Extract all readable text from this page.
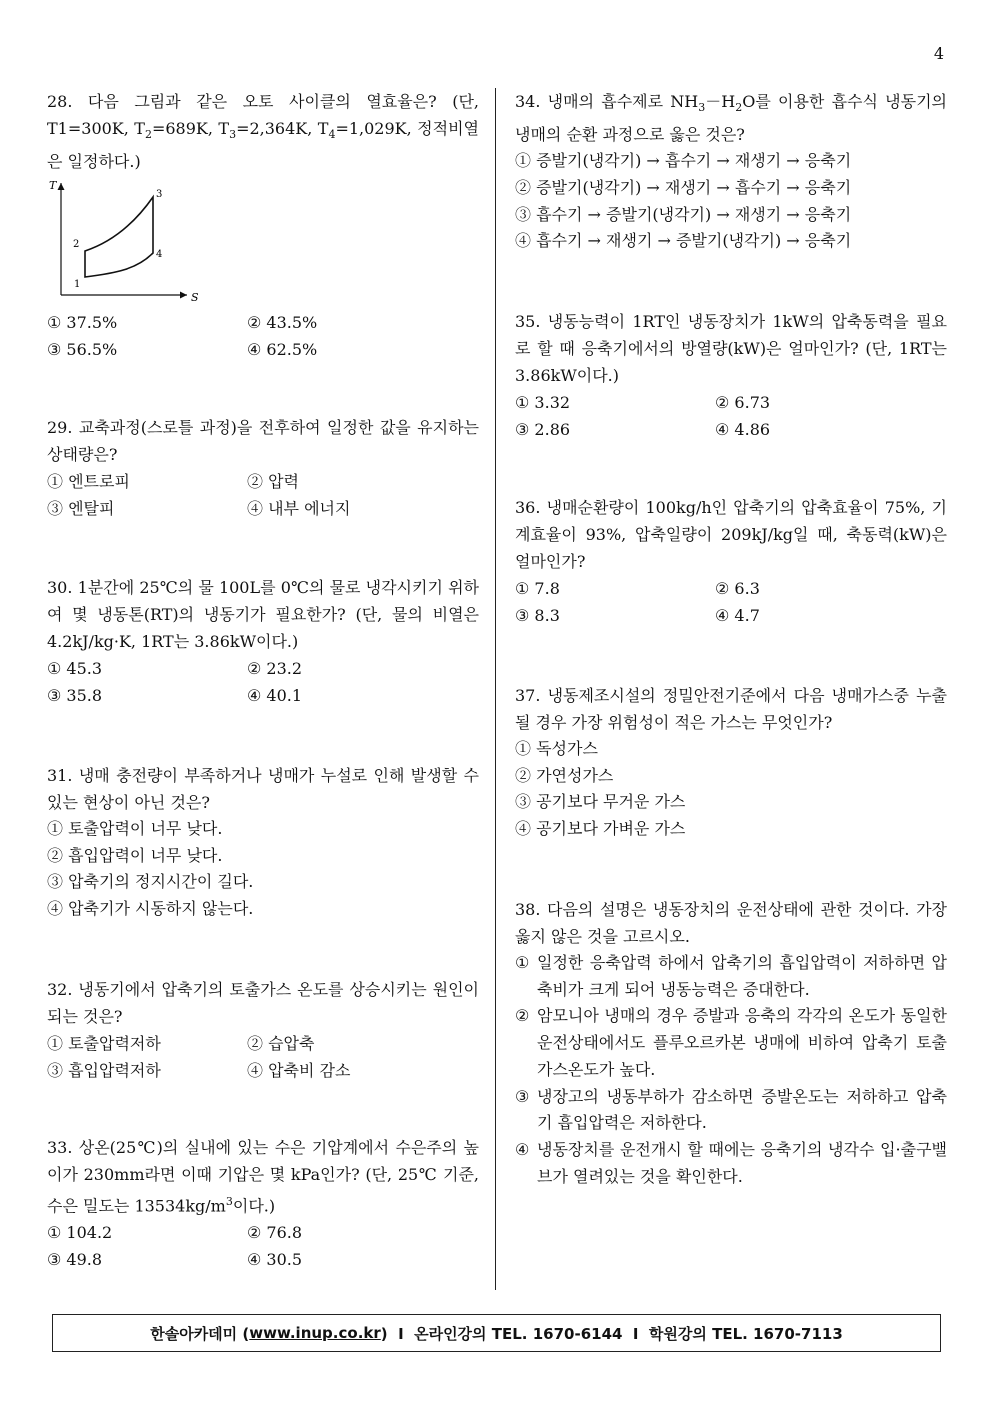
4
28. 다음 그림과 같은 오토 사이클의 열효율은? (단, T1=300K, $T_2=689K$, $T_3=2,364K$, $T_4=1,029K$, 정적비열은 일정하다.)
T
S
1
2
3
4
① 37.5%	② 43.5%
③ 56.5%	④ 62.5%
29. 교축과정(스로틀 과정)을 전후하여 일정한 값을 유지하는 상태량은?
① 엔트로피	② 압력
③ 엔탈피	④ 내부 에너지
30. 1분간에 25℃의 물 100L를 0℃의 물로 냉각시키기 위하여 몇 냉동톤(RT)의 냉동기가 필요한가? (단, 물의 비열은 4.2kJ/kg·K, 1RT는 3.86kW이다.)
① 45.3	② 23.2
③ 35.8	④ 40.1
31. 냉매 충전량이 부족하거나 냉매가 누설로 인해 발생할 수 있는 현상이 아닌 것은?
① 토출압력이 너무 낮다.
② 흡입압력이 너무 낮다.
③ 압축기의 정지시간이 길다.
④ 압축기가 시동하지 않는다.
32. 냉동기에서 압축기의 토출가스 온도를 상승시키는 원인이 되는 것은?
① 토출압력저하	② 습압축
③ 흡입압력저하	④ 압축비 감소
33. 상온(25℃)의 실내에 있는 수은 기압계에서 수은주의 높이가 230mm라면 이때 기압은 몇 kPa인가? (단, 25℃ 기준, 수은 밀도는 $13534kg/m^3$이다.)
① 104.2	② 76.8
③ 49.8	④ 30.5
34. 냉매의 흡수제로 $NH_3-H_2O$를 이용한 흡수식 냉동기의 냉매의 순환 과정으로 옳은 것은?
① 증발기(냉각기) → 흡수기 → 재생기 → 응축기
② 증발기(냉각기) → 재생기 → 흡수기 → 응축기
③ 흡수기 → 증발기(냉각기) → 재생기 → 응축기
④ 흡수기 → 재생기 → 증발기(냉각기) → 응축기
35. 냉동능력이 1RT인 냉동장치가 1kW의 압축동력을 필요로 할 때 응축기에서의 방열량(kW)은 얼마인가? (단, 1RT는 3.86kW이다.)
① 3.32	② 6.73
③ 2.86	④ 4.86
36. 냉매순환량이 100kg/h인 압축기의 압축효율이 75%, 기계효율이 93%, 압축일량이 209kJ/kg일 때, 축동력(kW)은 얼마인가?
① 7.8	② 6.3
③ 8.3	④ 4.7
37. 냉동제조시설의 정밀안전기준에서 다음 냉매가스중 누출될 경우 가장 위험성이 적은 가스는 무엇인가?
① 독성가스
② 가연성가스
③ 공기보다 무거운 가스
④ 공기보다 가벼운 가스
38. 다음의 설명은 냉동장치의 운전상태에 관한 것이다. 가장 옳지 않은 것을 고르시오.
① 일정한 응축압력 하에서 압축기의 흡입압력이 저하하면 압축비가 크게 되어 냉동능력은 증대한다.
② 암모니아 냉매의 경우 증발과 응축의 각각의 온도가 동일한 운전상태에서도 플루오르카본 냉매에 비하여 압축기 토출가스온도가 높다.
③ 냉장고의 냉동부하가 감소하면 증발온도는 저하하고 압축기 흡입압력은 저하한다.
④ 냉동장치를 운전개시 할 때에는 응축기의 냉각수 입·출구밸브가 열려있는 것을 확인한다.
한솔아카데미 ( www.inup.co.kr )  I  온라인강의 TEL. 1670-6144  I  학원강의 TEL. 1670-7113
